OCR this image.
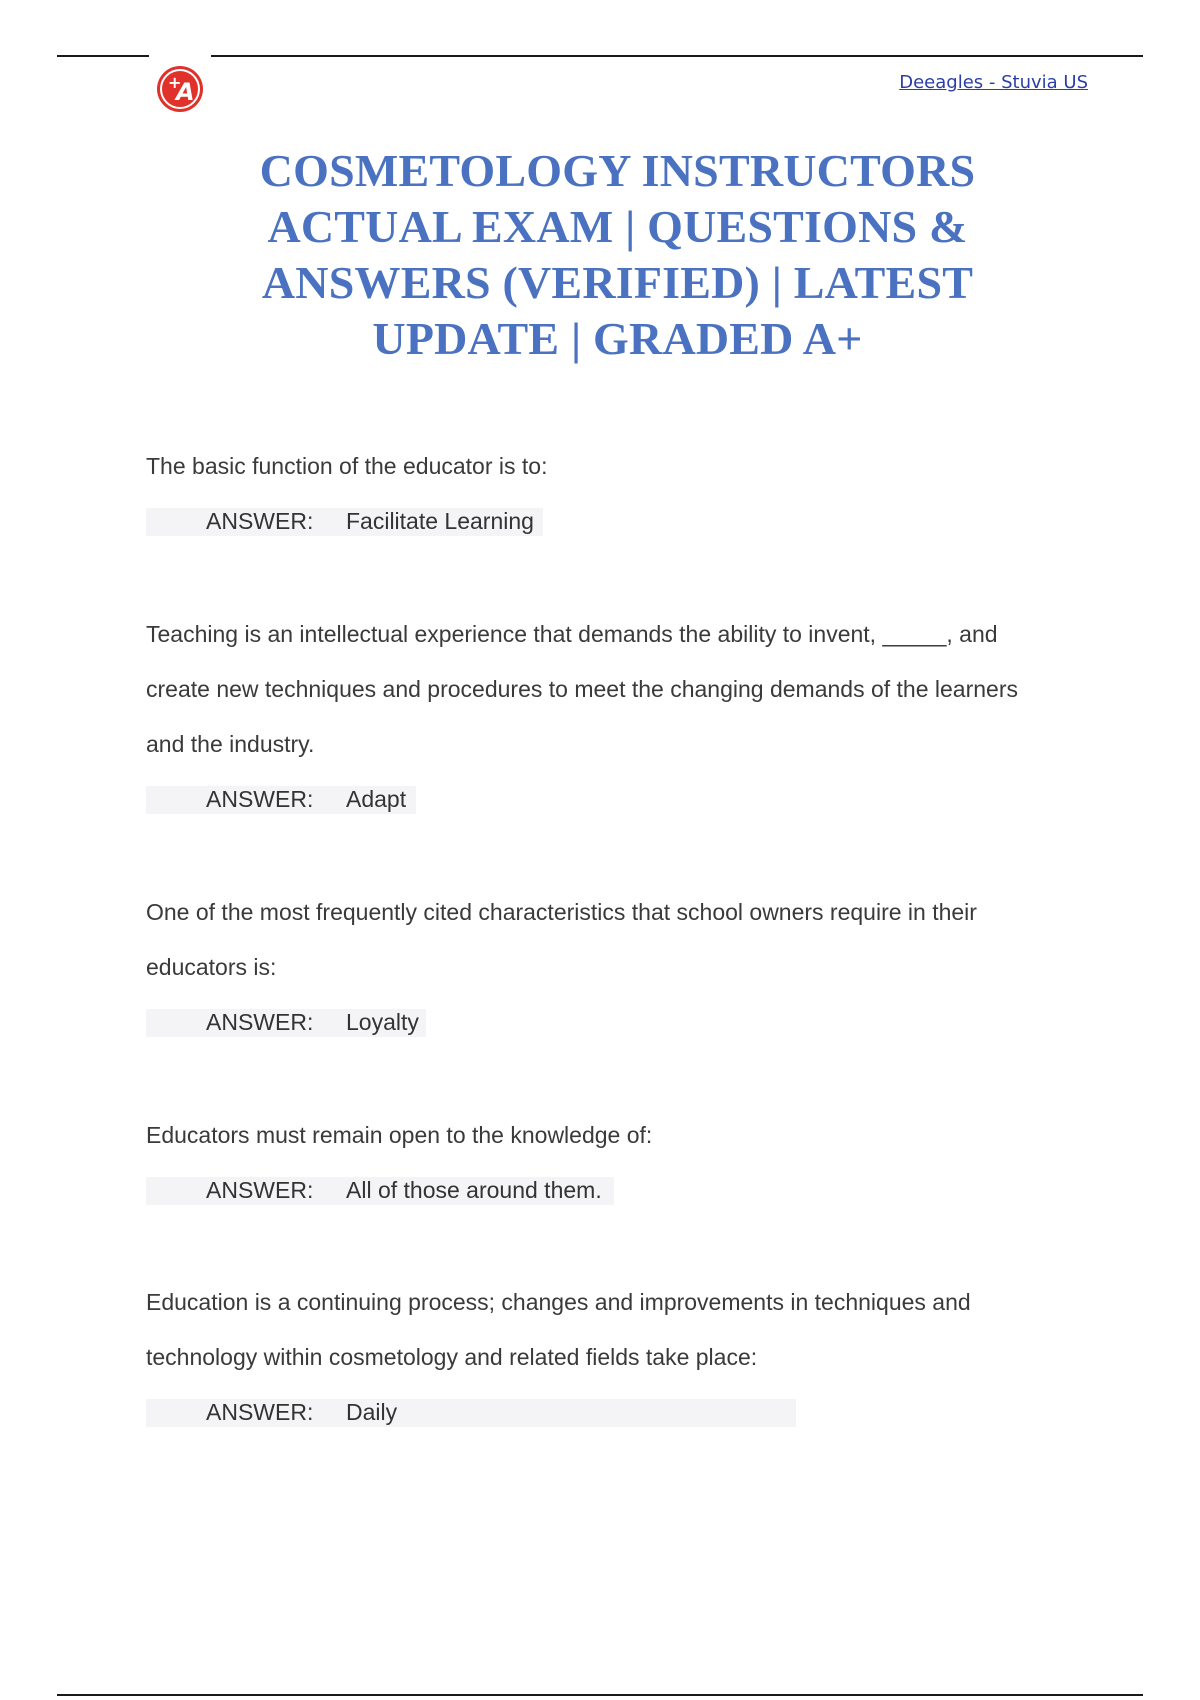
+
A	Deeagles - Stuvia US
COSMETOLOGY INSTRUCTORS
ACTUAL EXAM | QUESTIONS &
ANSWERS (VERIFIED) | LATEST
UPDATE | GRADED A+

The basic function of the educator is to:

ANSWER:	Facilitate Learning

Teaching is an intellectual experience that demands the ability to invent, _____, and
create new techniques and procedures to meet the changing demands of the learners
and the industry.

ANSWER:	Adapt

One of the most frequently cited characteristics that school owners require in their
educators is:

ANSWER:	Loyalty

Educators must remain open to the knowledge of:

ANSWER:	All of those around them.

Education is a continuing process; changes and improvements in techniques and
technology within cosmetology and related fields take place:

ANSWER:	Daily
